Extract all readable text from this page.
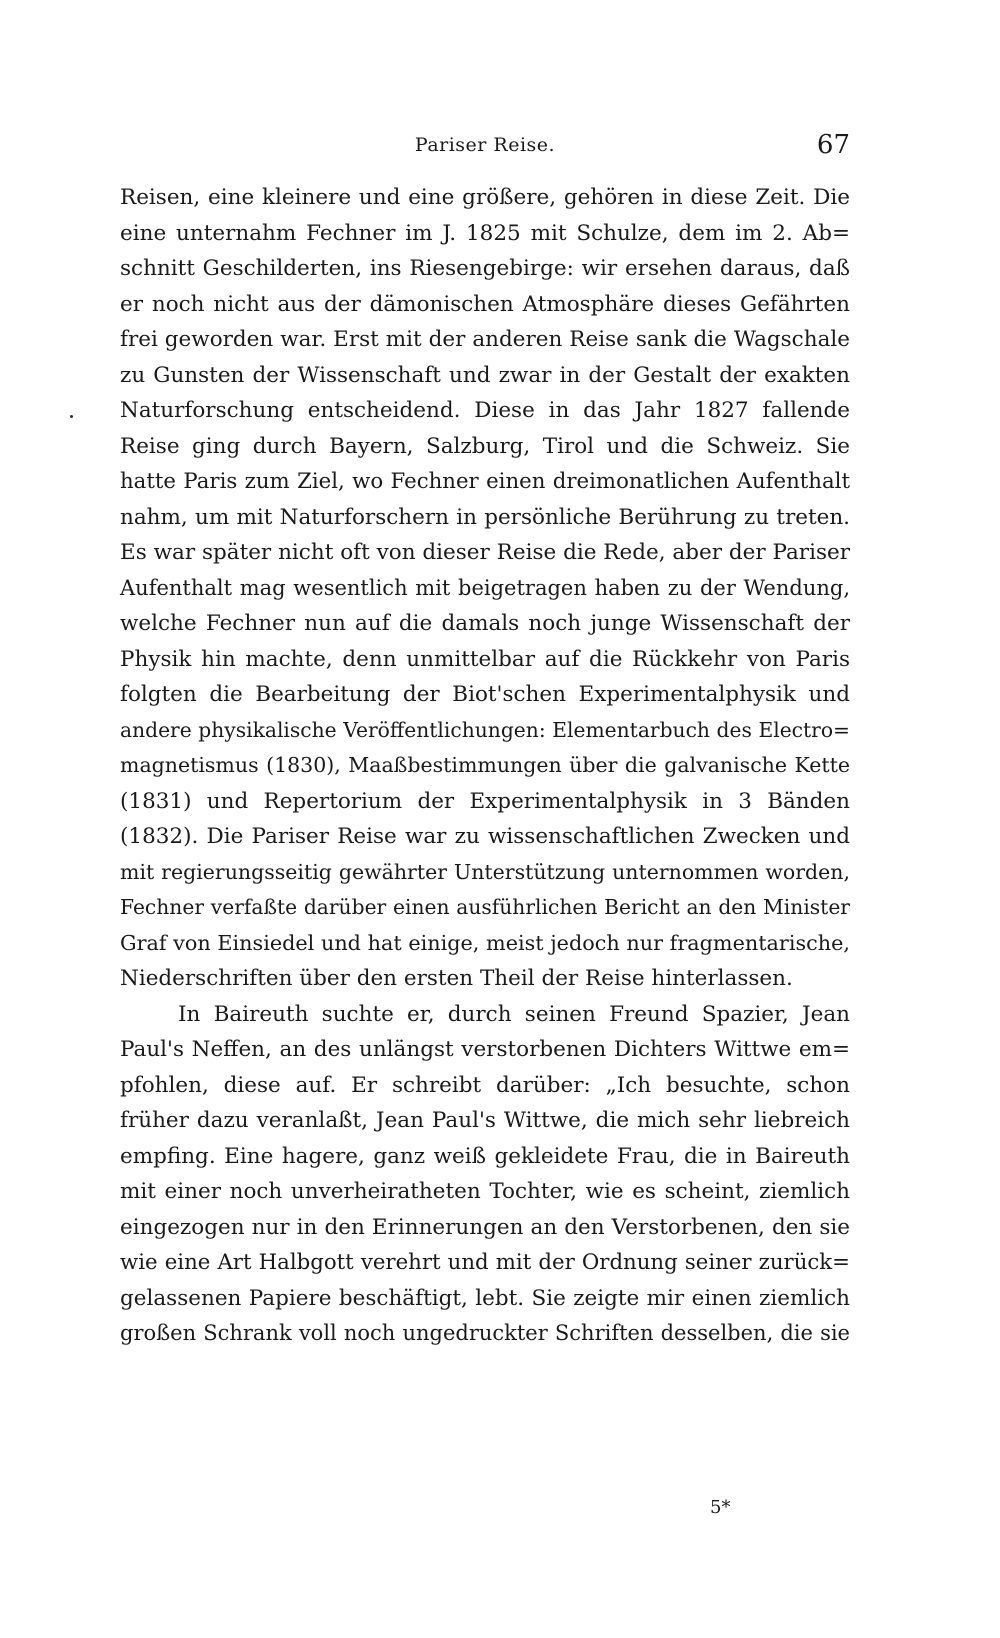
Pariser Reise.	67
Reisen, eine kleinere und eine größere, gehören in diese Zeit. Die
eine unternahm Fechner im J. 1825 mit Schulze, dem im 2. Ab=
schnitt Geschilderten, ins Riesengebirge: wir ersehen daraus, daß
er noch nicht aus der dämonischen Atmosphäre dieses Gefährten
frei geworden war. Erst mit der anderen Reise sank die Wagschale
zu Gunsten der Wissenschaft und zwar in der Gestalt der exakten
Naturforschung entscheidend. Diese in das Jahr 1827 fallende
Reise ging durch Bayern, Salzburg, Tirol und die Schweiz. Sie
hatte Paris zum Ziel, wo Fechner einen dreimonatlichen Aufenthalt
nahm, um mit Naturforschern in persönliche Berührung zu treten.
Es war später nicht oft von dieser Reise die Rede, aber der Pariser
Aufenthalt mag wesentlich mit beigetragen haben zu der Wendung,
welche Fechner nun auf die damals noch junge Wissenschaft der
Physik hin machte, denn unmittelbar auf die Rückkehr von Paris
folgten die Bearbeitung der Biot'schen Experimentalphysik und
andere physikalische Veröffentlichungen: Elementarbuch des Electro=
magnetismus (1830), Maaßbestimmungen über die galvanische Kette
(1831) und Repertorium der Experimentalphysik in 3 Bänden
(1832). Die Pariser Reise war zu wissenschaftlichen Zwecken und
mit regierungsseitig gewährter Unterstützung unternommen worden,
Fechner verfaßte darüber einen ausführlichen Bericht an den Minister
Graf von Einsiedel und hat einige, meist jedoch nur fragmentarische,
Niederschriften über den ersten Theil der Reise hinterlassen.
In Baireuth suchte er, durch seinen Freund Spazier, Jean
Paul's Neffen, an des unlängst verstorbenen Dichters Wittwe em=
pfohlen, diese auf. Er schreibt darüber: „Ich besuchte, schon
früher dazu veranlaßt, Jean Paul's Wittwe, die mich sehr liebreich
empfing. Eine hagere, ganz weiß gekleidete Frau, die in Baireuth
mit einer noch unverheiratheten Tochter, wie es scheint, ziemlich
eingezogen nur in den Erinnerungen an den Verstorbenen, den sie
wie eine Art Halbgott verehrt und mit der Ordnung seiner zurück=
gelassenen Papiere beschäftigt, lebt. Sie zeigte mir einen ziemlich
großen Schrank voll noch ungedruckter Schriften desselben, die sie
5*
